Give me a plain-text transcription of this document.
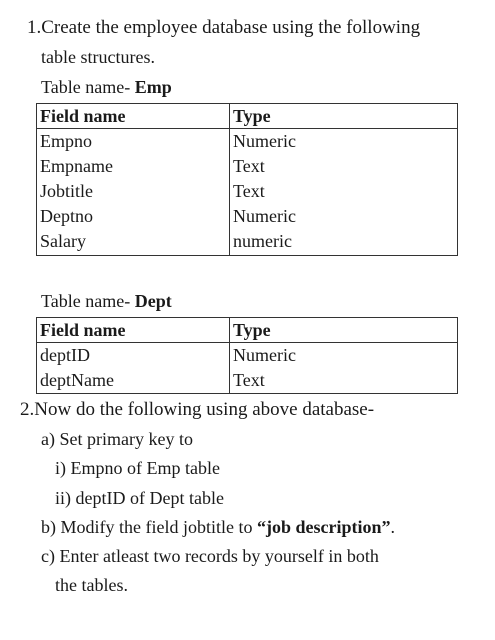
1.Create the employee database using the following
table structures.
Table name- Emp
Field name	Type
Empno	Numeric
Empname	Text
Jobtitle	Text
Deptno	Numeric
Salary	numeric
Table name- Dept
Field name	Type
deptID	Numeric
deptName	Text
2.Now do the following using above database-
a) Set primary key to
i) Empno of Emp table
ii) deptID of Dept table
b) Modify the field jobtitle to “job description”.
c) Enter atleast two records by yourself in both
the tables.
